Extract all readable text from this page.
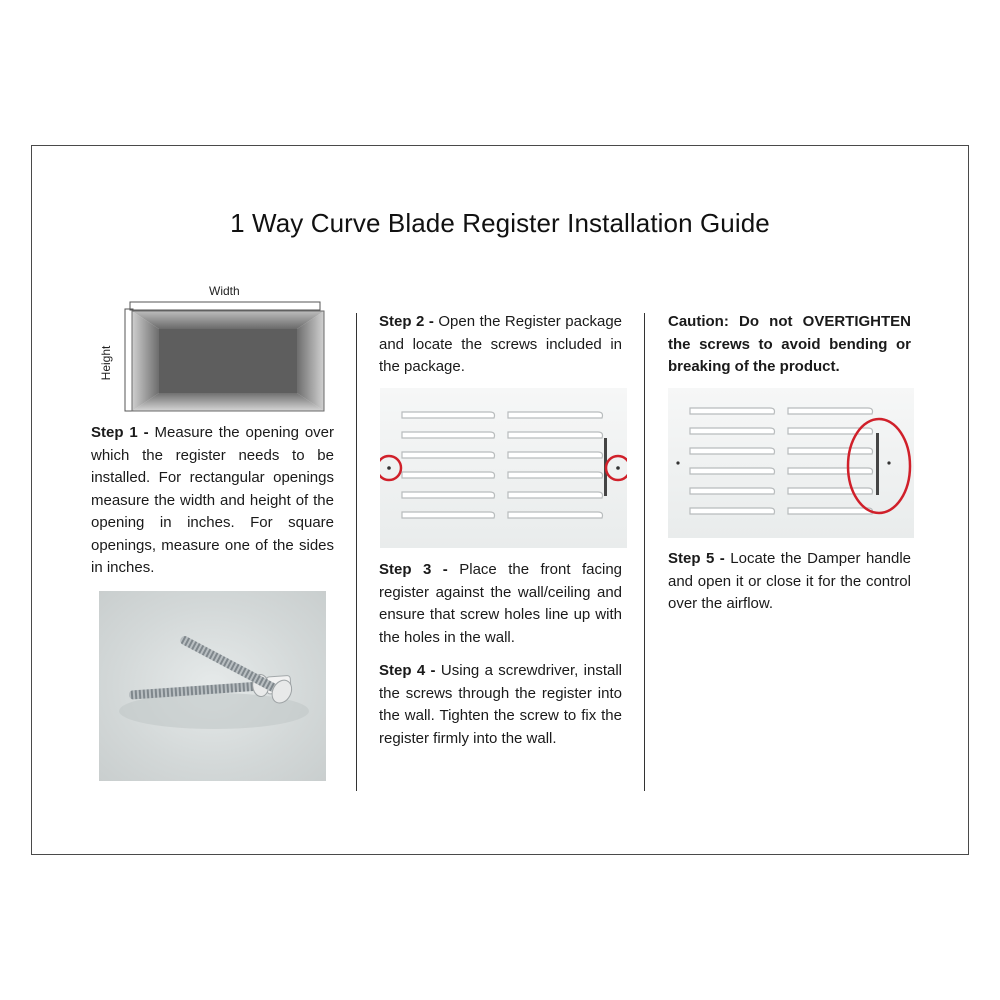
1 Way Curve Blade Register Installation Guide
Width
Height

Step 1 - Measure the opening over which the register needs to be installed. For rectangular openings measure the width and height of the opening in inches. For square openings, measure one of the sides in inches.

Step 2 - Open the Register package and locate the screws included in the package.

Step 3 - Place the front facing register against the wall/ceiling and ensure that screw holes line up with the holes in the wall.

Step 4 - Using a screwdriver, install the screws through the register into the wall. Tighten the screw to fix the register firmly into the wall.

Caution: Do not OVERTIGHTEN the screws to avoid bending or breaking of the product.

Step 5 - Locate the Damper handle and open it or close it for the control over the airflow.
